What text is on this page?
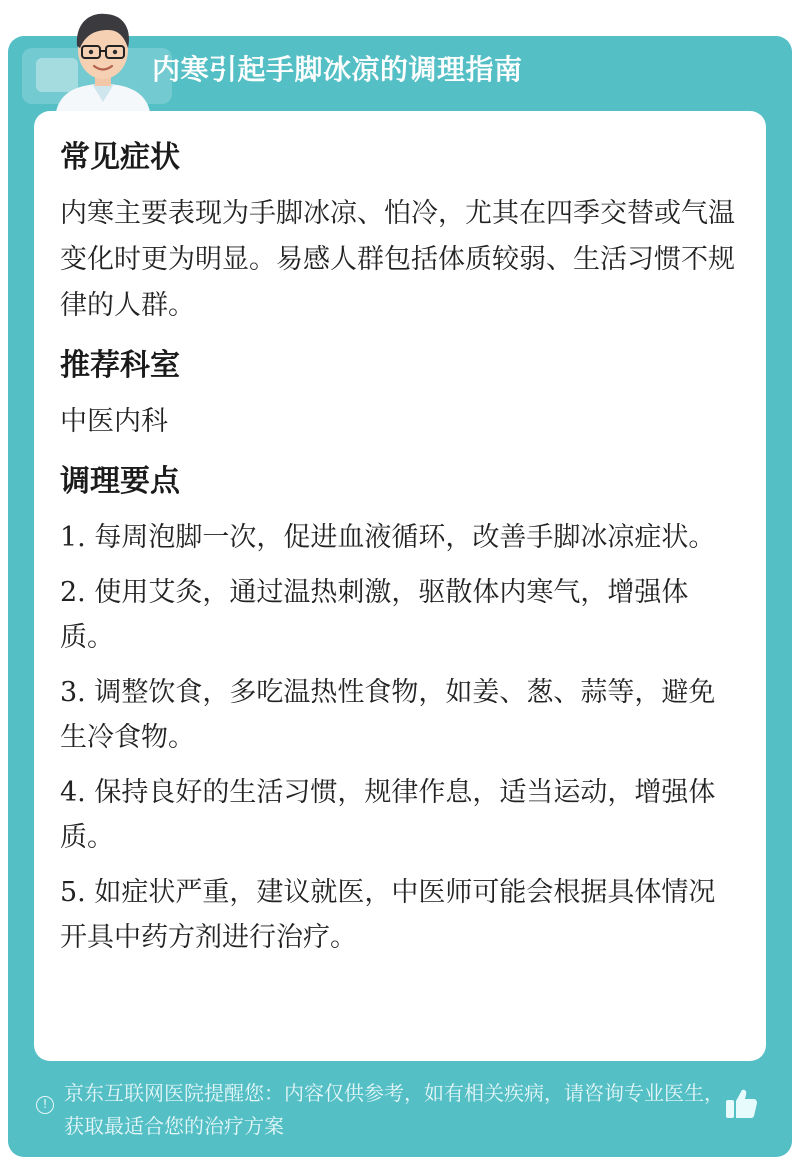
内寒引起手脚冰凉的调理指南
常见症状

内寒主要表现为手脚冰凉、怕冷，尤其在四季交替或气温变化时更为明显。易感人群包括体质较弱、生活习惯不规律的人群。

推荐科室

中医内科

调理要点

1. 每周泡脚一次，促进血液循环，改善手脚冰凉症状。

2. 使用艾灸，通过温热刺激，驱散体内寒气，增强体质。

3. 调整饮食，多吃温热性食物，如姜、葱、蒜等，避免生冷食物。

4. 保持良好的生活习惯，规律作息，适当运动，增强体质。

5. 如症状严重，建议就医，中医师可能会根据具体情况开具中药方剂进行治疗。

! 京东互联网医院提醒您：内容仅供参考，如有相关疾病，请咨询专业医生，获取最适合您的治疗方案
